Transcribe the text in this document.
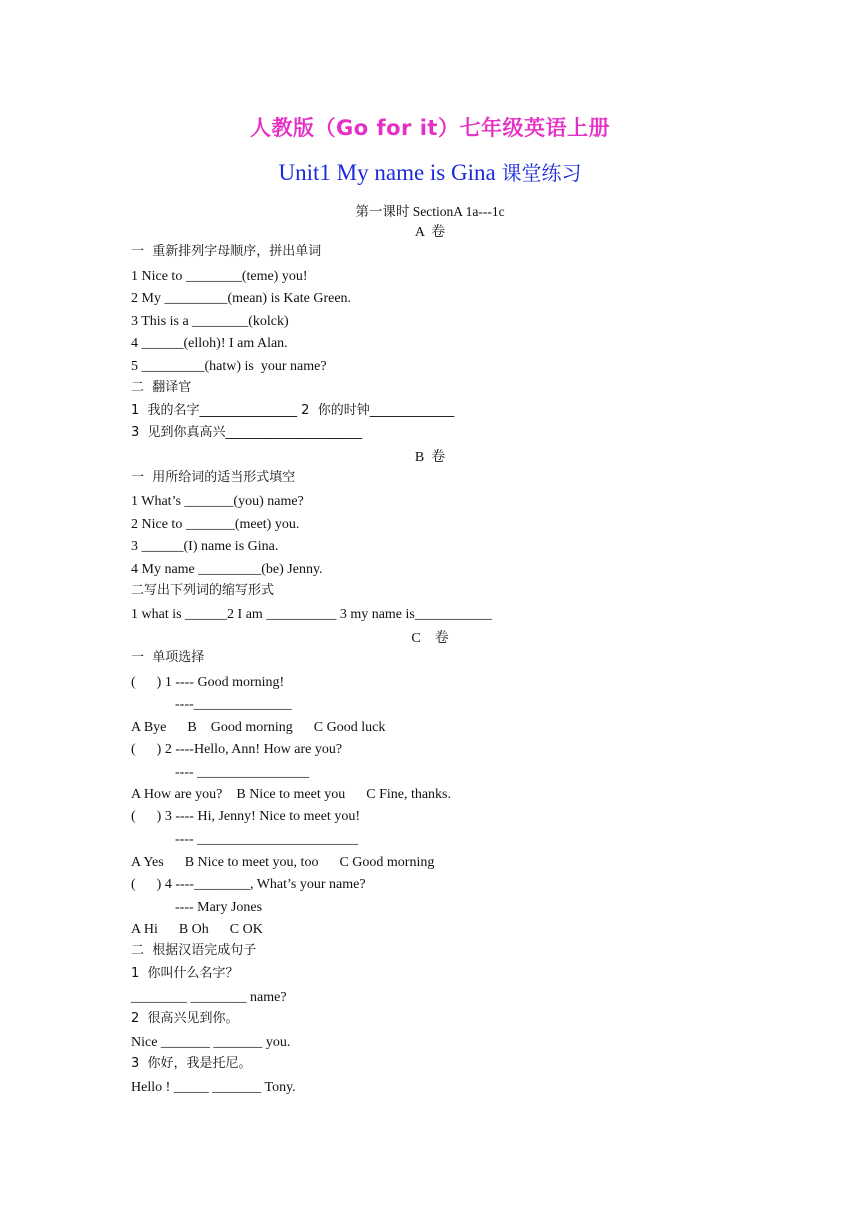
人教版（Go for it）七年级英语上册
Unit1 My name is Gina 课堂练习
第一课时 SectionA 1a---1c
A  卷
一  重新排列字母顺序，拼出单词
1 Nice to ________(teme) you!
2 My _________(mean) is Kate Green.
3 This is a ________(kolck)
4 ______(elloh)! I am Alan.
5 _________(hatw) is  your name?
二  翻译官
1  我的名字_______________ 2  你的时钟_____________
3  见到你真高兴_____________________
B  卷
一  用所给词的适当形式填空
1 What’s _______(you) name?
2 Nice to _______(meet) you.
3 ______(I) name is Gina.
4 My name _________(be) Jenny.
二写出下列词的缩写形式
1 what is ______2 I am __________ 3 my name is___________
C    卷
一  单项选择
(      ) 1 ---- Good morning!
----______________
A Bye      B    Good morning      C Good luck
(      ) 2 ----Hello, Ann! How are you?
---- ________________
A How are you?    B Nice to meet you      C Fine, thanks.
(      ) 3 ---- Hi, Jenny! Nice to meet you!
---- _______________________
A Yes      B Nice to meet you, too      C Good morning
(      ) 4 ----________, What’s your name?
---- Mary Jones
A Hi      B Oh      C OK
二  根据汉语完成句子
1  你叫什么名字？
________ ________ name?
2  很高兴见到你。
Nice _______ _______ you.
3  你好，我是托尼。
Hello ! _____ _______ Tony.
